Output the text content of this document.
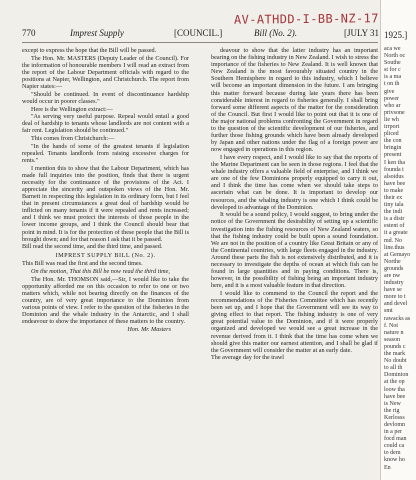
AV-ATHDD-I-BB-NZ-17
770	Imprest Supply	[COUNCIL.]	Bill (No. 2).	[JULY 31

except to express the hope that the Bill will be passed.

The Hon. Mr. MASTERS (Deputy Leader of the Council). For the information of honourable members I will read an extract from the report of the Labour Department officials with regard to the positions at Napier, Wellington, and Christchurch. The report from Napier states:—

"Should be continued. In event of discontinuance hardship would occur in poorer classes."

Here is the Wellington extract:—

"As serving very useful purpose. Repeal would entail a good deal of hardship to tenants whose landlords are not content with a fair rent. Legislation should be continued."

This comes from Christchurch:—

"In the hands of some of the greatest tenants if legislation repealed. Tenants landlords from raising excessive charges for rents."

I mention this to show that the Labour Department, which has made full inquiries into the position, finds that there is urgent necessity for the continuance of the provisions of the Act. I appreciate the sincerity and outspoken views of the Hon. Mr. Barnett in respecting this legislation in its ordinary form, but I feel that in present circumstances a great deal of hardship would be inflicted on many tenants if it were repealed and rents increased; and I think we must protect the interests of those people in the lower income groups, and I think the Council should bear that point in mind. It is for the protection of these people that the Bill is brought down; and for that reason I ask that it be passed.

Bill read the second time, and the third time, and passed.

IMPREST SUPPLY BILL (No. 2).

This Bill was read the first and the second times.

On the motion, That this Bill be now read the third time,

The Hon. Mr. THOMSON said,—Sir, I would like to take the opportunity afforded me on this occasion to refer to one or two matters which, while not bearing directly on the finances of the country, are of very great importance to the Dominion from various points of view. I refer to the question of the fisheries in the Dominion and the whale industry in the Antarctic, and I shall endeavour to show the importance of these matters to the country.

Hon. Mr. Masters

deavour to show that the latter industry has an important bearing on the fishing industry in New Zealand. I wish to stress the importance of the fisheries to New Zealand. It is well known that New Zealand is the most favourably situated country in the Southern Hemisphere in regard to this industry, which I believe will become an important dimension in the future. I am bringing this matter forward because during late years there has been considerable interest in regard to fisheries generally. I shall bring forward some different aspects of the matter for the consideration of the Council. But first I would like to point out that it is one of the major national problems confronting the Government in regard to the question of the scientific development of our fisheries, and further those fishing grounds which have been already developed by Japan and other nations under the flag of a foreign power are now engaged in operations in this region.

I have every respect, and I would like to say that the reports of the Marine Department can be seen in those regions. I feel that the whale industry offers a valuable field of enterprise, and I think we are one of the few Dominions properly equipped to carry it out, and I think the time has come when we should take steps to ascertain what can be done. It is important to develop our resources, and the whaling industry is one which I think could be developed to advantage of the Dominion.

It would be a sound policy, I would suggest, to bring under the notice of the Government the desirability of setting up a scientific investigation into the fishing resources of New Zealand waters, so that the fishing industry could be built upon a sound foundation. We are not in the position of a country like Great Britain or any of the Continental countries, with large fleets engaged in the industry. Around these parts the fish is not extensively distributed, and it is necessary to investigate the depths of ocean at which fish can be found in large quantities and in paying conditions. There is, however, in the possibility of fishing being an important industry here, and it is a most valuable feature in that direction.

I would like to commend to the Council the report and the recommendations of the Fisheries Committee which has recently been set up, and I hope that the Government will see its way to giving effect to that report. The fishing industry is one of very great potential value to the Dominion, and if it were properly organized and developed we would see a great increase in the revenue derived from it. I think that the time has come when we should give this matter our earnest attention, and I shall be glad if the Government will consider the matter at an early date.

The average day for the trawl

1925.]
aca we
North oc
Southe
st for c
is a ma
t on th
give
power
who ar
privsone
lie wh
irrport
pliced
the con
bringin
present
I ken tha
founda t
alsoidus
have bee
to make
their ex
tiny tala
the indi
is a distr
estent of
it a greate
md. No
line.thus
at Gemayo
Northe
grounds
are nw
industry
have se
more to t
and devel
smt
rawacks as
f. Not
nature n
season
pounds c
the mark
No doubt
to all th
Dominion
at the op
loow tha
have bee
is New
the rig
Kerlosss
devlomn
in a per
focd man
could ca
to dem
know ho
En
